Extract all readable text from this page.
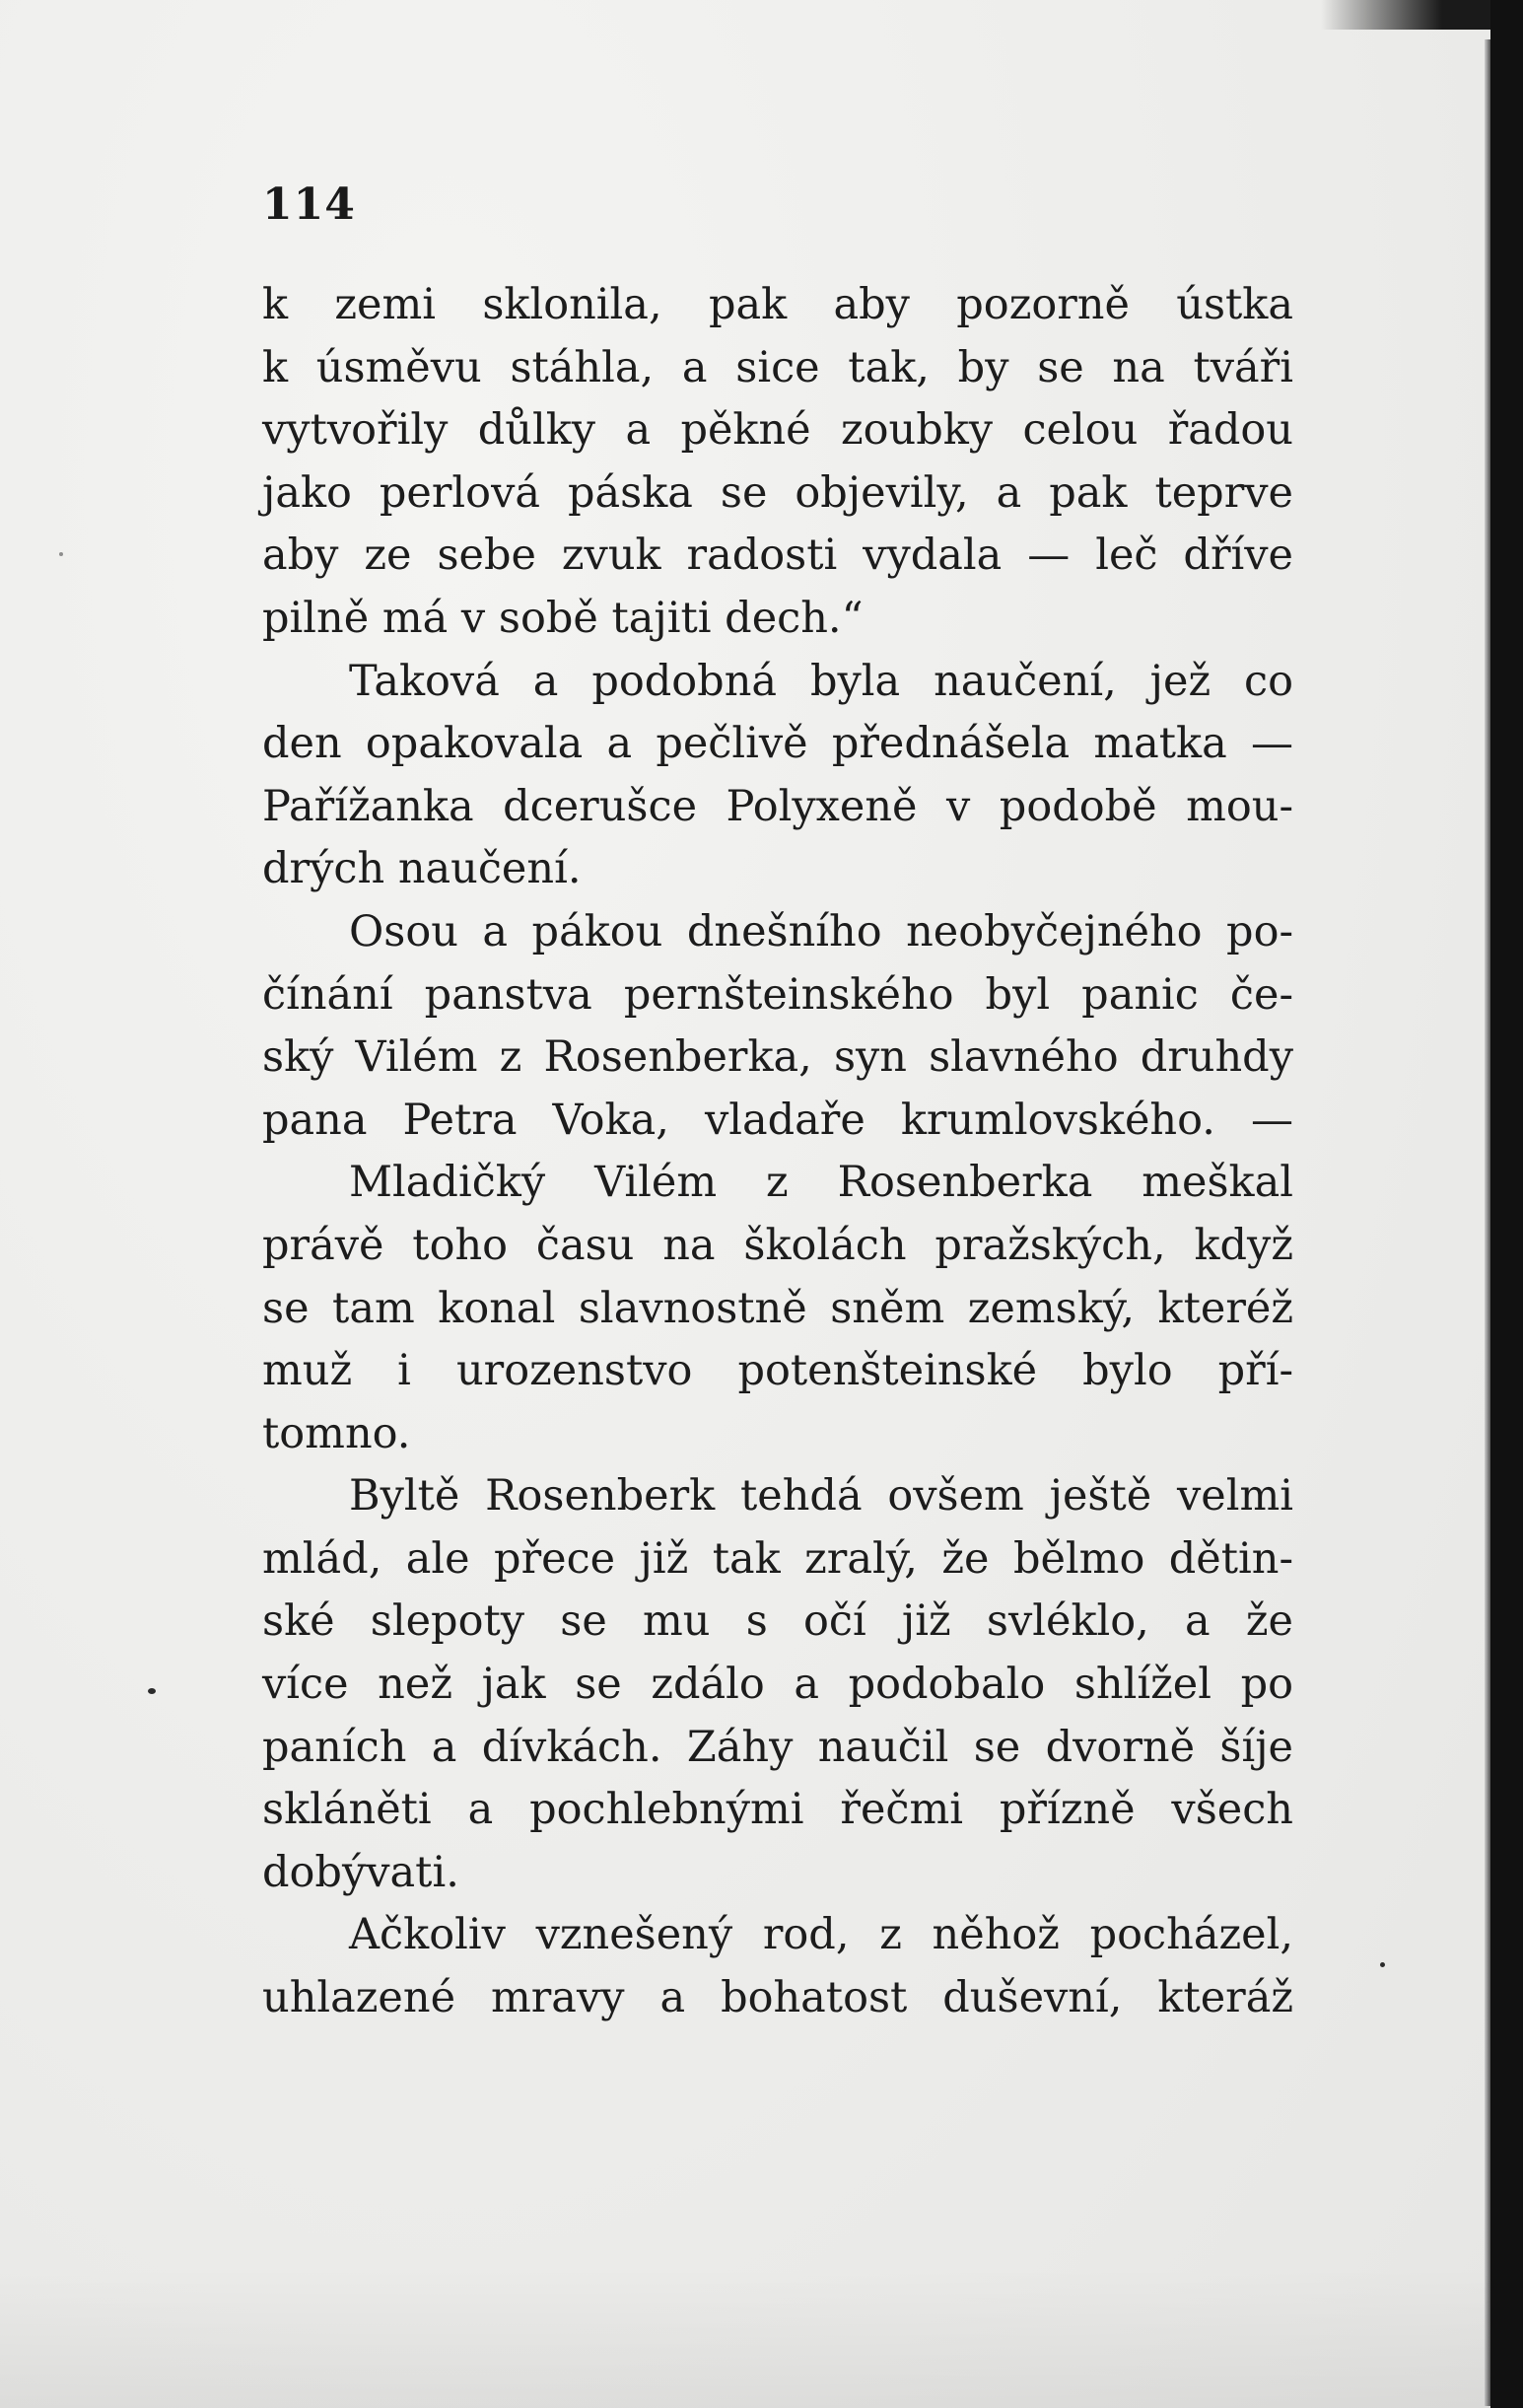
114
k zemi sklonila, pak aby pozorně ústka
k úsměvu stáhla, a sice tak, by se na tváři
vytvořily důlky a pěkné zoubky celou řadou
jako perlová páska se objevily, a pak teprve
aby ze sebe zvuk radosti vydala — leč dříve
pilně má v sobě tajiti dech.“
Taková a podobná byla naučení, jež co
den opakovala a pečlivě přednášela matka —
Pařížanka dcerušce Polyxeně v podobě mou-
drých naučení.
Osou a pákou dnešního neobyčejného po-
čínání panstva pernšteinského byl panic če-
ský Vilém z Rosenberka, syn slavného druhdy
pana Petra Voka, vladaře krumlovského. —
Mladičký Vilém z Rosenberka meškal
právě toho času na školách pražských, když
se tam konal slavnostně sněm zemský, kteréž
muž i urozenstvo potenšteinské bylo pří-
tomno.
Byltě Rosenberk tehdá ovšem ještě velmi
mlád, ale přece již tak zralý, že bělmo dětin-
ské slepoty se mu s očí již svléklo, a že
více než jak se zdálo a podobalo shlížel po
paních a dívkách. Záhy naučil se dvorně šíje
skláněti a pochlebnými řečmi přízně všech
dobývati.
Ačkoliv vznešený rod, z něhož pocházel,
uhlazené mravy a bohatost duševní, kteráž
